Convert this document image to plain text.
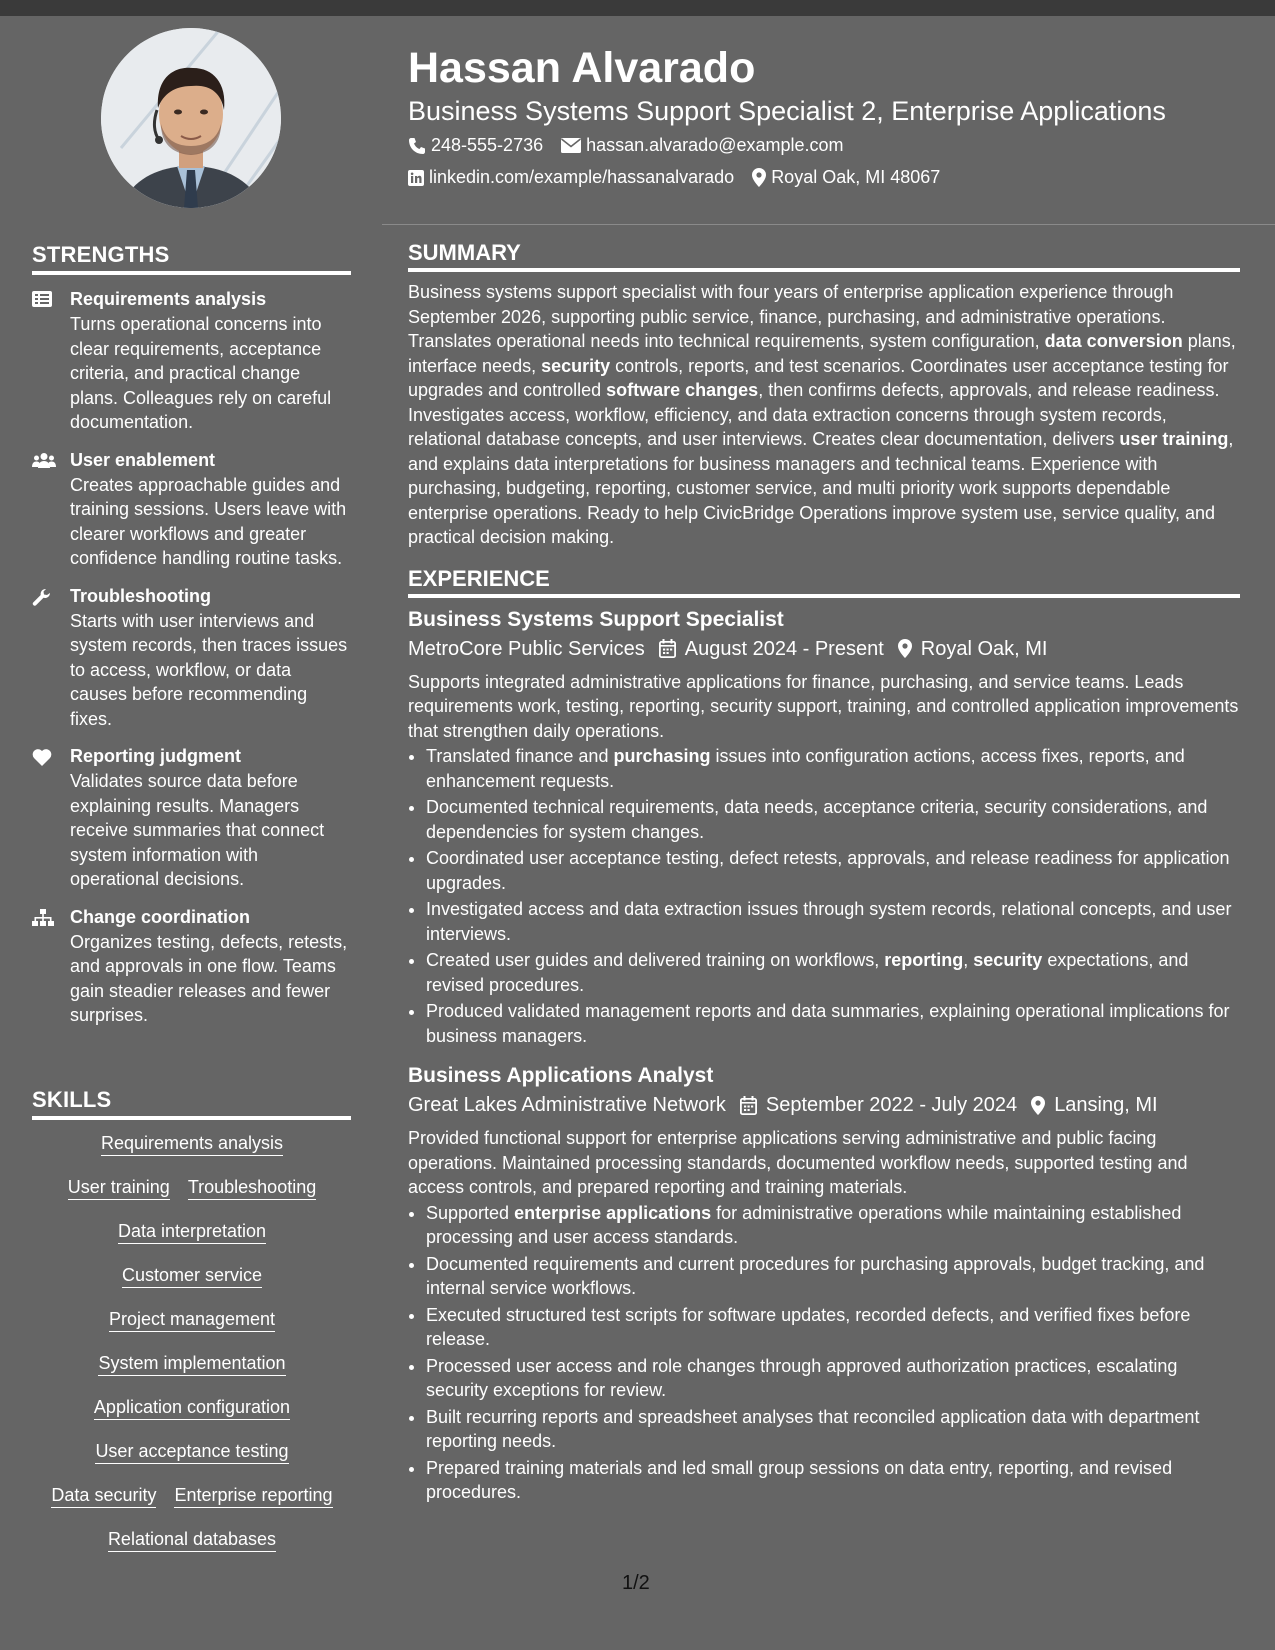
STRENGTHS
Requirements analysis
Turns operational concerns into clear requirements, acceptance criteria, and practical change plans. Colleagues rely on careful documentation.
User enablement
Creates approachable guides and training sessions. Users leave with clearer workflows and greater confidence handling routine tasks.
Troubleshooting
Starts with user interviews and system records, then traces issues to access, workflow, or data causes before recommending fixes.
Reporting judgment
Validates source data before explaining results. Managers receive summaries that connect system information with operational decisions.
Change coordination
Organizes testing, defects, retests, and approvals in one flow. Teams gain steadier releases and fewer surprises.
SKILLS
Requirements analysis
User training Troubleshooting
Data interpretation
Customer service
Project management
System implementation
Application configuration
User acceptance testing
Data security Enterprise reporting
Relational databases
Hassan Alvarado
Business Systems Support Specialist 2, Enterprise Applications
248-555-2736 hassan.alvarado@example.com
linkedin.com/example/hassanalvarado Royal Oak, MI 48067
SUMMARY

Business systems support specialist with four years of enterprise application experience through September 2026, supporting public service, finance, purchasing, and administrative operations. Translates operational needs into technical requirements, system configuration, data conversion plans, interface needs, security controls, reports, and test scenarios. Coordinates user acceptance testing for upgrades and controlled software changes, then confirms defects, approvals, and release readiness. Investigates access, workflow, efficiency, and data extraction concerns through system records, relational database concepts, and user interviews. Creates clear documentation, delivers user training, and explains data interpretations for business managers and technical teams. Experience with purchasing, budgeting, reporting, customer service, and multi priority work supports dependable enterprise operations. Ready to help CivicBridge Operations improve system use, service quality, and practical decision making.

EXPERIENCE
Business Systems Support Specialist
MetroCore Public Services August 2024 - Present Royal Oak, MI
Supports integrated administrative applications for finance, purchasing, and service teams. Leads requirements work, testing, reporting, security support, training, and controlled application improvements that strengthen daily operations.
• Translated finance and purchasing issues into configuration actions, access fixes, reports, and enhancement requests.
• Documented technical requirements, data needs, acceptance criteria, security considerations, and dependencies for system changes.
• Coordinated user acceptance testing, defect retests, approvals, and release readiness for application upgrades.
• Investigated access and data extraction issues through system records, relational concepts, and user interviews.
• Created user guides and delivered training on workflows, reporting, security expectations, and revised procedures.
• Produced validated management reports and data summaries, explaining operational implications for business managers.
Business Applications Analyst
Great Lakes Administrative Network September 2022 - July 2024 Lansing, MI
Provided functional support for enterprise applications serving administrative and public facing operations. Maintained processing standards, documented workflow needs, supported testing and access controls, and prepared reporting and training materials.
• Supported enterprise applications for administrative operations while maintaining established processing and user access standards.
• Documented requirements and current procedures for purchasing approvals, budget tracking, and internal service workflows.
• Executed structured test scripts for software updates, recorded defects, and verified fixes before release.
• Processed user access and role changes through approved authorization practices, escalating security exceptions for review.
• Built recurring reports and spreadsheet analyses that reconciled application data with department reporting needs.
• Prepared training materials and led small group sessions on data entry, reporting, and revised procedures.
1/2
